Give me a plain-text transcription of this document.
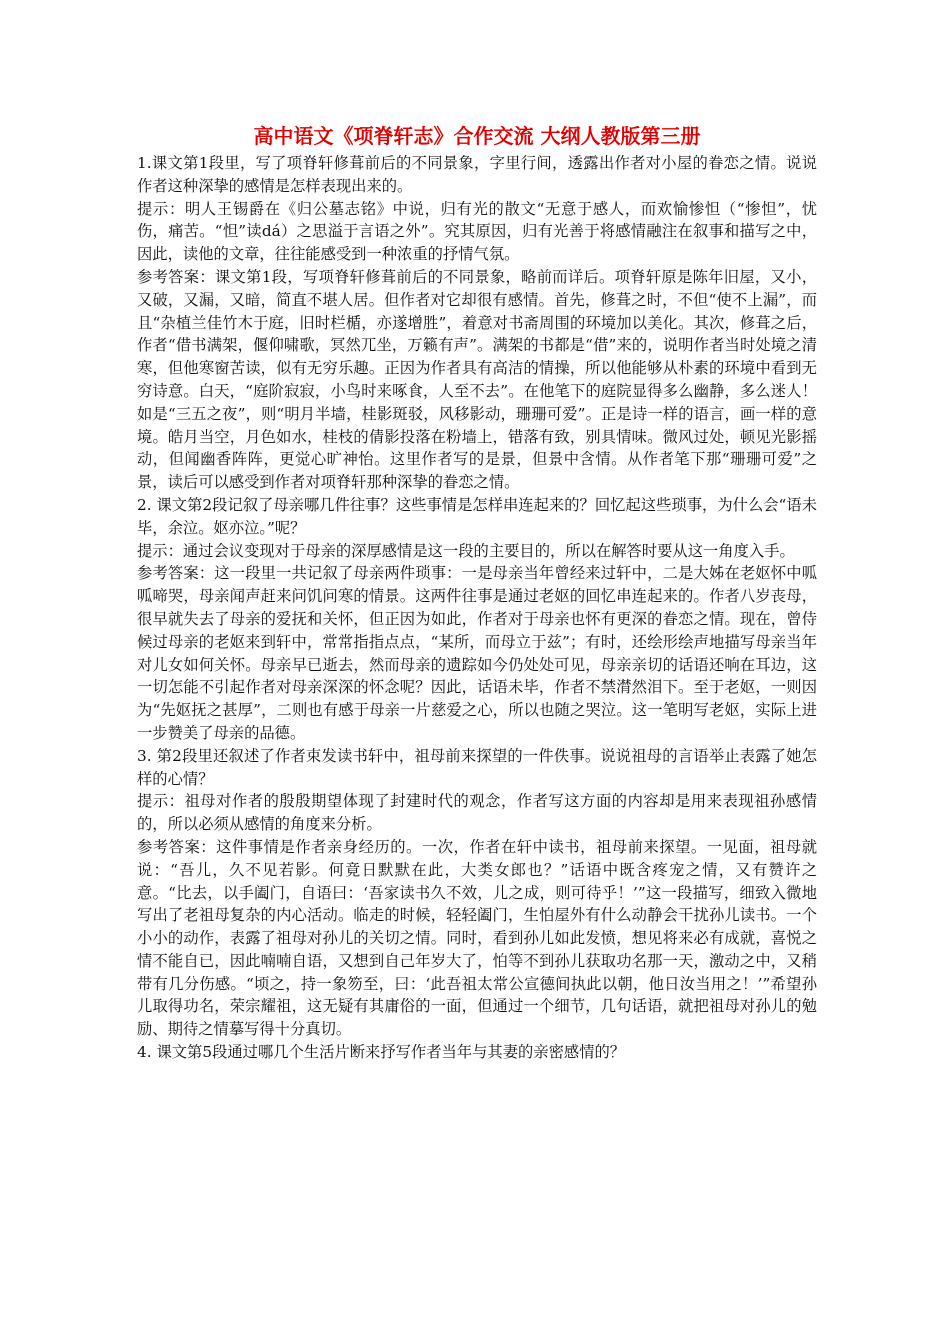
高中语文《项脊轩志》合作交流 大纲人教版第三册

1.课文第1段里，写了项脊轩修葺前后的不同景象，字里行间，透露出作者对小屋的眷恋之情。说说作者这种深挚的感情是怎样表现出来的。

提示：明人王锡爵在《归公墓志铭》中说，归有光的散文“无意于感人，而欢愉惨怛（“惨怛”，忧伤，痛苦。“怛”读dá）之思溢于言语之外”。究其原因，归有光善于将感情融注在叙事和描写之中，因此，读他的文章，往往能感受到一种浓重的抒情气氛。

参考答案：课文第1段，写项脊轩修葺前后的不同景象，略前而详后。项脊轩原是陈年旧屋，又小，又破，又漏，又暗，简直不堪人居。但作者对它却很有感情。首先，修葺之时，不但“使不上漏”，而且“杂植兰佳竹木于庭，旧时栏楯，亦遂增胜”，着意对书斋周围的环境加以美化。其次，修葺之后，作者“借书满架，偃仰啸歌，冥然兀坐，万籁有声”。满架的书都是“借”来的，说明作者当时处境之清寒，但他寒窗苦读，似有无穷乐趣。正因为作者具有高洁的情操，所以他能够从朴素的环境中看到无穷诗意。白天，“庭阶寂寂，小鸟时来啄食，人至不去”。在他笔下的庭院显得多么幽静，多么迷人！如是“三五之夜”，则“明月半墙，桂影斑驳，风移影动，珊珊可爱”。正是诗一样的语言，画一样的意境。皓月当空，月色如水，桂枝的倩影投落在粉墙上，错落有致，别具情味。微风过处，顿见光影摇动，但闻幽香阵阵，更觉心旷神怡。这里作者写的是景，但景中含情。从作者笔下那“珊珊可爱”之景，读后可以感受到作者对项脊轩那种深挚的眷恋之情。

2. 课文第2段记叙了母亲哪几件往事？这些事情是怎样串连起来的？回忆起这些琐事，为什么会“语未毕，余泣。妪亦泣。”呢？

提示：通过会议变现对于母亲的深厚感情是这一段的主要目的，所以在解答时要从这一角度入手。

参考答案：这一段里一共记叙了母亲两件琐事：一是母亲当年曾经来过轩中，二是大姊在老妪怀中呱呱啼哭，母亲闻声赶来问饥问寒的情景。这两件往事是通过老妪的回忆串连起来的。作者八岁丧母，很早就失去了母亲的爱抚和关怀，但正因为如此，作者对于母亲也怀有更深的眷恋之情。现在，曾侍候过母亲的老妪来到轩中，常常指指点点，“某所，而母立于兹”；有时，还绘形绘声地描写母亲当年对儿女如何关怀。母亲早已逝去，然而母亲的遗踪如今仍处处可见，母亲亲切的话语还响在耳边，这一切怎能不引起作者对母亲深深的怀念呢？因此，话语未毕，作者不禁潸然泪下。至于老妪，一则因为“先妪抚之甚厚”，二则也有感于母亲一片慈爱之心，所以也随之哭泣。这一笔明写老妪，实际上进一步赞美了母亲的品德。

3. 第2段里还叙述了作者束发读书轩中，祖母前来探望的一件佚事。说说祖母的言语举止表露了她怎样的心情？

提示：祖母对作者的殷殷期望体现了封建时代的观念，作者写这方面的内容却是用来表现祖孙感情的，所以必须从感情的角度来分析。

参考答案：这件事情是作者亲身经历的。一次，作者在轩中读书，祖母前来探望。一见面，祖母就说：“吾儿，久不见若影。何竟日默默在此，大类女郎也？”话语中既含疼宠之情，又有赞许之意。“比去，以手阖门，自语曰：‘吾家读书久不效，儿之成，则可待乎！’”这一段描写，细致入微地写出了老祖母复杂的内心活动。临走的时候，轻轻阖门，生怕屋外有什么动静会干扰孙儿读书。一个小小的动作，表露了祖母对孙儿的关切之情。同时，看到孙儿如此发愤，想见将来必有成就，喜悦之情不能自已，因此喃喃自语，又想到自己年岁大了，怕等不到孙儿获取功名那一天，激动之中，又稍带有几分伤感。“顷之，持一象笏至，曰：‘此吾祖太常公宣德间执此以朝，他日汝当用之！’”希望孙儿取得功名，荣宗耀祖，这无疑有其庸俗的一面，但通过一个细节，几句话语，就把祖母对孙儿的勉励、期待之情摹写得十分真切。

4. 课文第5段通过哪几个生活片断来抒写作者当年与其妻的亲密感情的？
